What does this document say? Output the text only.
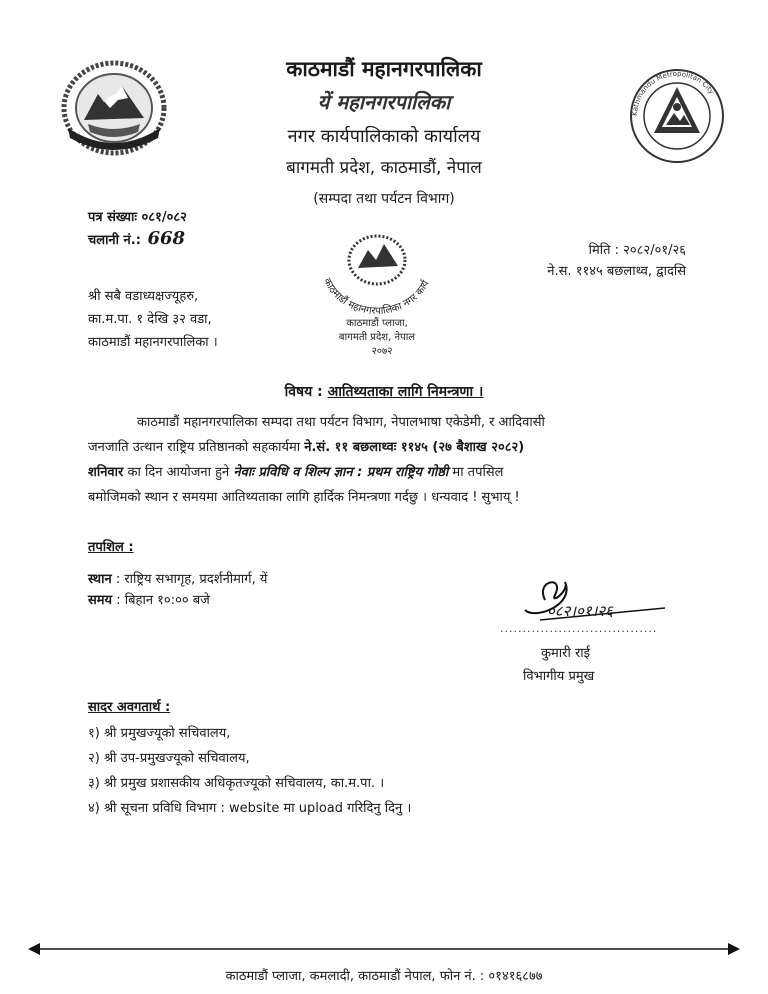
Kathmandu Metropolitan City
काठमाडौं महानगरपालिका
यें महानगरपालिका
नगर कार्यपालिकाको कार्यालय
बागमती प्रदेश, काठमाडौं, नेपाल
(सम्पदा तथा पर्यटन विभाग)
पत्र संख्याः ०८१/०८२
चलानी नं.: 668
मिति : २०८२/०१/२६
ने.स. ११४५ बछलाथ्व, द्वादसि
श्री सबै वडाध्यक्षज्यूहरु,
का.म.पा. १ देखि ३२ वडा,
काठमाडौं महानगरपालिका ।
काठमाडौं महानगरपालिका नगर कार्य
काठमाडौं प्लाजा,
बागमती प्रदेश, नेपाल
२०७२
विषय : आतिथ्यताका लागि निमन्त्रणा ।
काठमाडौं महानगरपालिका सम्पदा तथा पर्यटन विभाग, नेपालभाषा एकेडेमी, र आदिवासी
जनजाति उत्थान राष्ट्रिय प्रतिष्ठानको सहकार्यमा ने.सं. ११ बछलाथ्वः ११४५ (२७ बैशाख २०८२)
शनिवार का दिन आयोजना हुने नेवाः प्रविधि व शिल्प ज्ञान : प्रथम राष्ट्रिय गोष्ठी मा तपसिल
बमोजिमको स्थान र समयमा आतिथ्यताका लागि हार्दिक निमन्त्रणा गर्दछु । धन्यवाद ! सुभाय् !
तपशिल :
स्थान : राष्ट्रिय सभागृह, प्रदर्शनीमार्ग, यें
समय : बिहान १०:०० बजे
०८२।०१।२६
...................................
कुमारी राई
विभागीय प्रमुख
सादर अवगतार्थ :
१) श्री प्रमुखज्यूको सचिवालय,
२) श्री उप-प्रमुखज्यूको सचिवालय,
३) श्री प्रमुख प्रशासकीय अधिकृतज्यूको सचिवालय, का.म.पा. ।
४) श्री सूचना प्रविधि विभाग : website मा upload गरिदिनु दिनु ।
काठमाडौं प्लाजा, कमलादी, काठमाडौं नेपाल, फोन नं. : ०१४१६८७७
